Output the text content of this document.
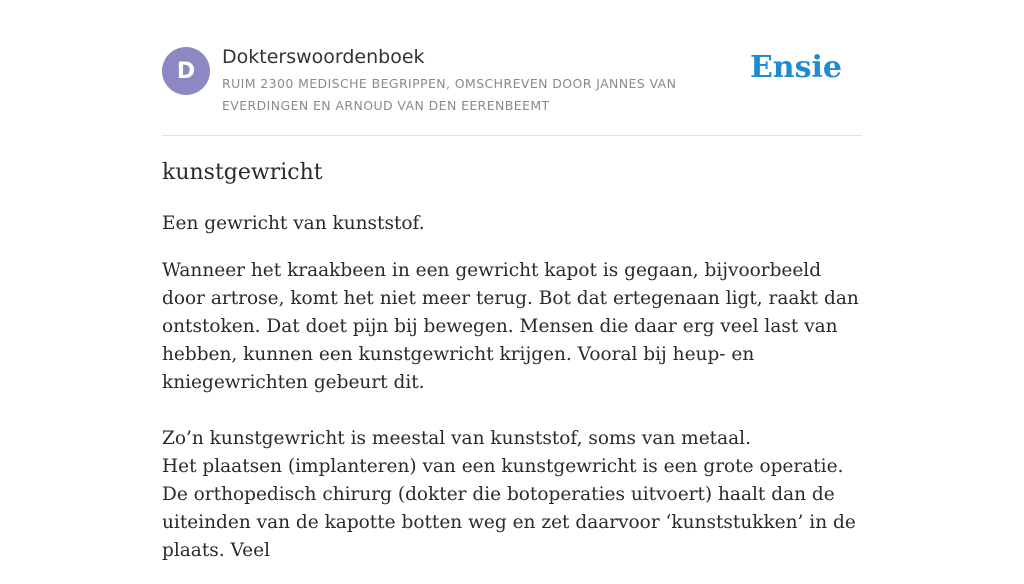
D
Dokterswoordenboek
RUIM 2300 MEDISCHE BEGRIPPEN, OMSCHREVEN DOOR JANNES VAN EVERDINGEN EN ARNOUD VAN DEN EERENBEEMT
Ensie
kunstgewricht

Een gewricht van kunststof.

Wanneer het kraakbeen in een gewricht kapot is gegaan, bijvoorbeeld door artrose, komt het niet meer terug. Bot dat ertegenaan ligt, raakt dan ontstoken. Dat doet pijn bij bewegen. Mensen die daar erg veel last van hebben, kunnen een kunstgewricht krijgen. Vooral bij heup- en kniegewrichten gebeurt dit.

Zo’n kunstgewricht is meestal van kunststof, soms van metaal.
Het plaatsen (implanteren) van een kunstgewricht is een grote operatie. De orthopedisch chirurg (dokter die botoperaties uitvoert) haalt dan de uiteinden van de kapotte botten weg en zet daarvoor ‘kunststukken’ in de plaats. Veel
